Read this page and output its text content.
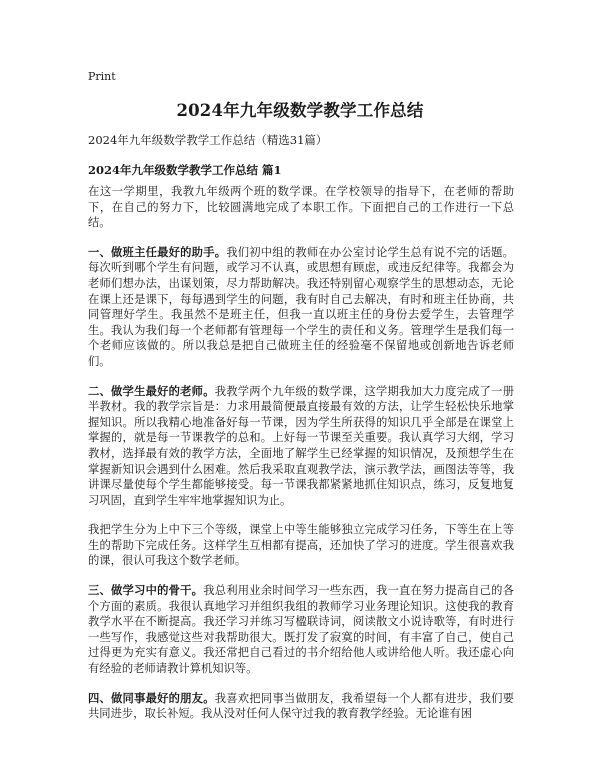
Print
2024年九年级数学教学工作总结

2024年九年级数学教学工作总结（精选31篇）

2024年九年级数学教学工作总结 篇1

在这一学期里，我教九年级两个班的数学课。在学校领导的指导下，在老师的帮助下，在自己的努力下，比较圆满地完成了本职工作。下面把自己的工作进行一下总结。

一、做班主任最好的助手。我们初中组的教师在办公室讨论学生总有说不完的话题。每次听到哪个学生有问题，或学习不认真，或思想有顾虑，或违反纪律等。我都会为老师们想办法，出谋划策，尽力帮助解决。我还特别留心观察学生的思想动态，无论在课上还是课下，每每遇到学生的问题，我有时自己去解决，有时和班主任协商，共同管理好学生。我虽然不是班主任，但我一直以班主任的身份去爱学生，去管理学生。我认为我们每一个老师都有管理每一个学生的责任和义务。管理学生是我们每一个老师应该做的。所以我总是把自己做班主任的经验毫不保留地或创新地告诉老师们。

二、做学生最好的老师。我教学两个九年级的数学课，这学期我加大力度完成了一册半教材。我的教学宗旨是：力求用最简便最直接最有效的方法，让学生轻松快乐地掌握知识。所以我精心地准备好每一节课，因为学生所获得的知识几乎全部是在课堂上掌握的，就是每一节课教学的总和。上好每一节课至关重要。我认真学习大纲，学习教材，选择最有效的教学方法，全面地了解学生已经掌握的知识情况，及预想学生在掌握新知识会遇到什么困难。然后我采取直观教学法，演示教学法，画图法等等，我讲课尽量使每个学生都能够接受。每一节课我都紧紧地抓住知识点，练习，反复地复习巩固，直到学生牢牢地掌握知识为止。

我把学生分为上中下三个等级，课堂上中等生能够独立完成学习任务，下等生在上等生的帮助下完成任务。这样学生互相都有提高，还加快了学习的进度。学生很喜欢我的课，很认可我这个数学老师。

三、做学习中的骨干。我总利用业余时间学习一些东西，我一直在努力提高自己的各个方面的素质。我很认真地学习并组织我组的教师学习业务理论知识。这使我的教育教学水平在不断提高。我还学习并练习写楹联诗词，阅读散文小说诗歌等，有时进行一些写作，我感觉这些对我帮助很大。既打发了寂寞的时间，有丰富了自己，使自己过得更为充实有意义。我还常把自己看过的书介绍给他人或讲给他人听。我还虚心向有经验的老师请教计算机知识等。

四、做同事最好的朋友。我喜欢把同事当做朋友，我希望每一个人都有进步，我们要共同进步，取长补短。我从没对任何人保守过我的教育教学经验。无论谁有困
